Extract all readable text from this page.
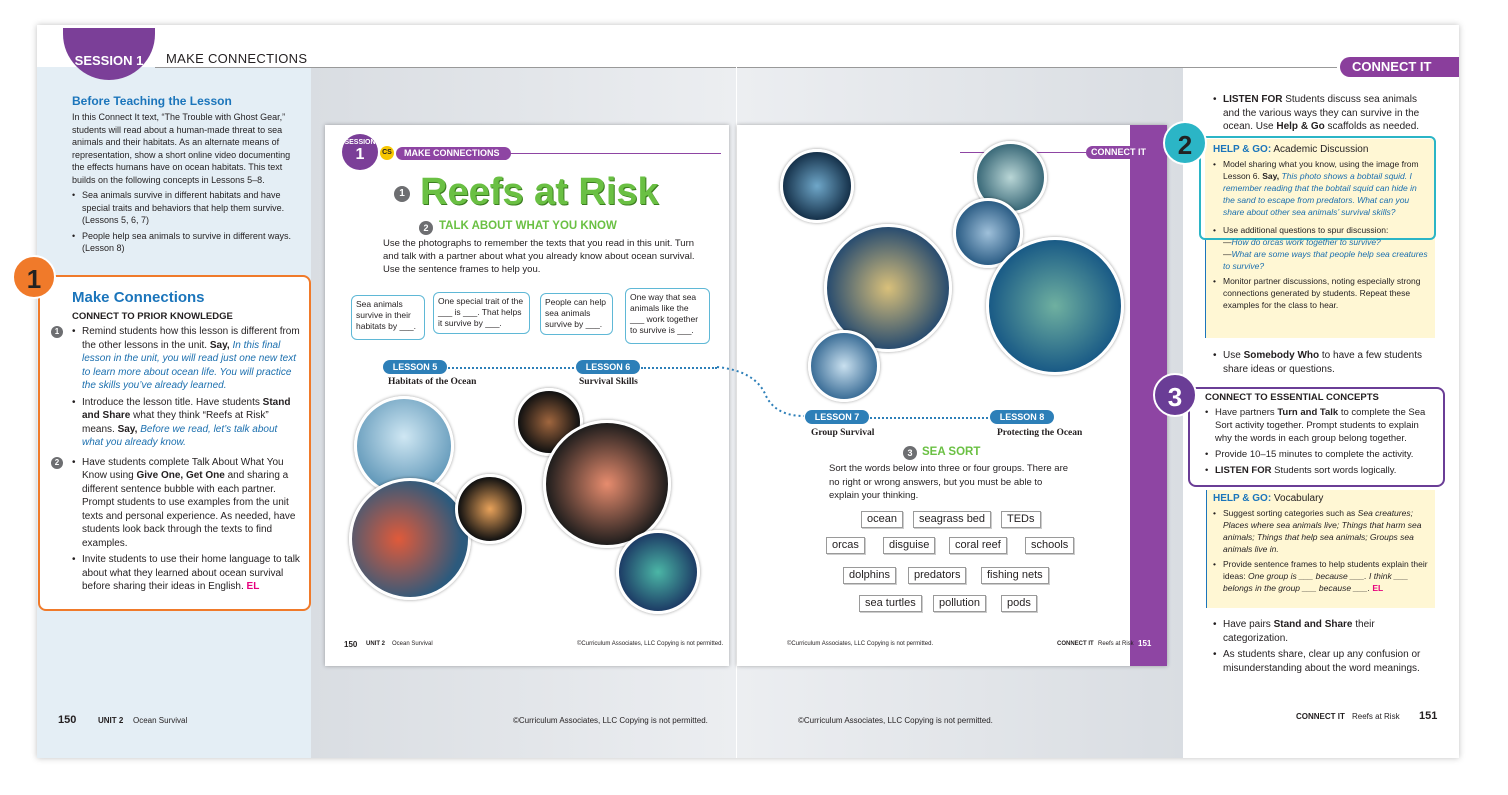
SESSION 1	MAKE CONNECTIONS
CONNECT IT
Before Teaching the Lesson
In this Connect It text, “The Trouble with Ghost Gear,” students will read about a human-made threat to sea animals and their habitats. As an alternate means of representation, show a short online video documenting the effects humans have on ocean habitats. This text builds on the following concepts in Lessons 5–8.
• Sea animals survive in different habitats and have special traits and behaviors that help them survive. (Lessons 5, 6, 7)
• People help sea animals to survive in different ways. (Lesson 8)
Make Connections
CONNECT TO PRIOR KNOWLEDGE
• Remind students how this lesson is different from the other lessons in the unit. Say, In this final lesson in the unit, you will read just one new text to learn more about ocean life. You will practice the skills you’ve already learned.
• Introduce the lesson title. Have students Stand and Share what they think “Reefs at Risk” means. Say, Before we read, let’s talk about what you already know.
• Have students complete Talk About What You Know using Give One, Get One and sharing a different sentence bubble with each partner. Prompt students to use examples from the unit texts and personal experience. As needed, have students look back through the texts to find examples.
• Invite students to use their home language to talk about what they learned about ocean survival before sharing their ideas in English. EL
1
2
1
150	UNIT 2 Ocean Survival	©Curriculum Associates, LLC Copying is not permitted.	©Curriculum Associates, LLC Copying is not permitted.
SESSION
1	CS	MAKE CONNECTIONS
1 Reefs at Risk
2 TALK ABOUT WHAT YOU KNOW
Use the photographs to remember the texts that you read in this unit. Turn and talk with a partner about what you already know about ocean survival. Use the sentence frames to help you.
Sea animals survive in their habitats by ___.
One special trait of the ___ is ___. That helps it survive by ___.
People can help sea animals survive by ___.
One way that sea animals like the ___ work together to survive is ___.
LESSON 5	LESSON 6
Habitats of the Ocean	Survival Skills
150 UNIT 2 Ocean Survival	©Curriculum Associates, LLC Copying is not permitted.	©Curriculum Associates, LLC Copying is not permitted.	CONNECT IT Reefs at Risk 151
CONNECT IT
LESSON 7	LESSON 8
Group Survival	Protecting the Ocean
3 SEA SORT
Sort the words below into three or four groups. There are no right or wrong answers, but you must be able to explain your thinking.
ocean	seagrass bed	TEDs
orcas	disguise	coral reef	schools
dolphins	predators	fishing nets
sea turtles	pollution	pods
• LISTEN FOR Students discuss sea animals and the various ways they can survive in the ocean. Use Help & Go scaffolds as needed.
HELP & GO: Academic Discussion
• Model sharing what you know, using the image from Lesson 6. Say, This photo shows a bobtail squid. I remember reading that the bobtail squid can hide in the sand to escape from predators. What can you share about other sea animals’ survival skills?
• Use additional questions to spur discussion:
—How do orcas work together to survive?
—What are some ways that people help sea creatures to survive?
• Monitor partner discussions, noting especially strong connections generated by students. Repeat these examples for the class to hear.
2
• Use Somebody Who to have a few students share ideas or questions.
CONNECT TO ESSENTIAL CONCEPTS
• Have partners Turn and Talk to complete the Sea Sort activity together. Prompt students to explain why the words in each group belong together.
• Provide 10–15 minutes to complete the activity.
• LISTEN FOR Students sort words logically.
3
HELP & GO: Vocabulary
• Suggest sorting categories such as Sea creatures; Places where sea animals live; Things that harm sea animals; Things that help sea animals; Groups sea animals live in.
• Provide sentence frames to help students explain their ideas: One group is ___ because ___. I think ___ belongs in the group ___ because ___. EL
• Have pairs Stand and Share their categorization.
• As students share, clear up any confusion or misunderstanding about the word meanings.
CONNECT IT Reefs at Risk 151
